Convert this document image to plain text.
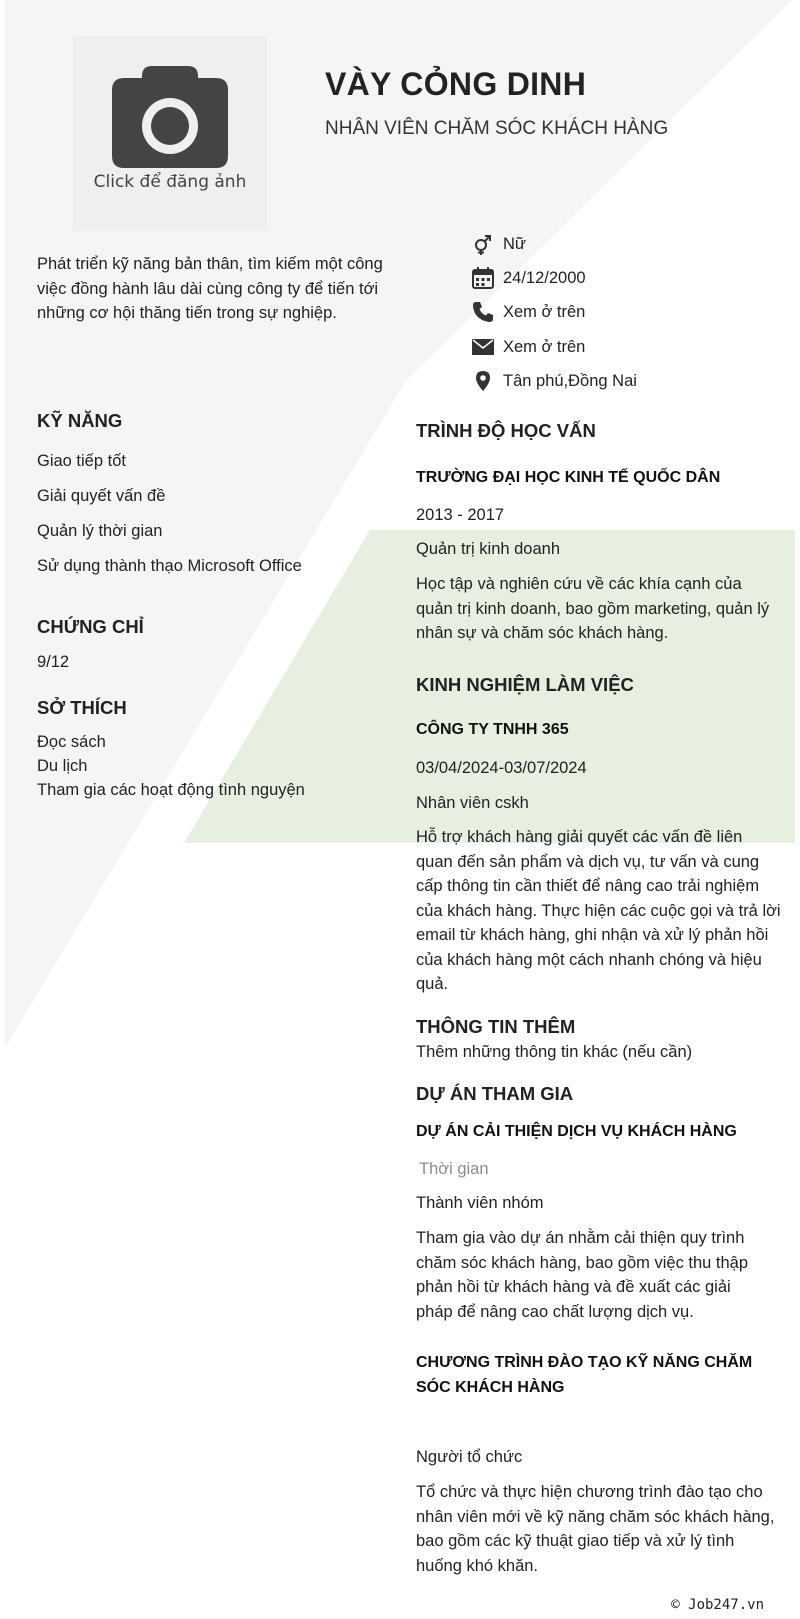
Click để đăng ảnh
VÀY CỎNG DINH
NHÂN VIÊN CHĂM SÓC KHÁCH HÀNG
Phát triển kỹ năng bản thân, tìm kiếm một công việc đồng hành lâu dài cùng công ty để tiến tới những cơ hội thăng tiến trong sự nghiệp.
Nữ
24/12/2000
Xem ở trên
Xem ở trên
Tân phú,Đồng Nai
KỸ NĂNG
Giao tiếp tốt
Giải quyết vấn đề
Quản lý thời gian
Sử dụng thành thạo Microsoft Office
CHỨNG CHỈ
9/12
SỞ THÍCH
Đọc sách
Du lịch
Tham gia các hoạt động tình nguyện
TRÌNH ĐỘ HỌC VẤN
TRƯỜNG ĐẠI HỌC KINH TẾ QUỐC DÂN
2013 - 2017
Quản trị kinh doanh
Học tập và nghiên cứu về các khía cạnh của quản trị kinh doanh, bao gồm marketing, quản lý nhân sự và chăm sóc khách hàng.
KINH NGHIỆM LÀM VIỆC
CÔNG TY TNHH 365
03/04/2024-03/07/2024
Nhân viên cskh
Hỗ trợ khách hàng giải quyết các vấn đề liên quan đến sản phẩm và dịch vụ, tư vấn và cung cấp thông tin cần thiết để nâng cao trải nghiệm của khách hàng. Thực hiện các cuộc gọi và trả lời email từ khách hàng, ghi nhận và xử lý phản hồi của khách hàng một cách nhanh chóng và hiệu quả.
THÔNG TIN THÊM
Thêm những thông tin khác (nếu cần)
DỰ ÁN THAM GIA
DỰ ÁN CẢI THIỆN DỊCH VỤ KHÁCH HÀNG
Thời gian
Thành viên nhóm
Tham gia vào dự án nhằm cải thiện quy trình chăm sóc khách hàng, bao gồm việc thu thập phản hồi từ khách hàng và đề xuất các giải pháp để nâng cao chất lượng dịch vụ.
CHƯƠNG TRÌNH ĐÀO TẠO KỸ NĂNG CHĂM SÓC KHÁCH HÀNG
Người tổ chức
Tổ chức và thực hiện chương trình đào tạo cho nhân viên mới về kỹ năng chăm sóc khách hàng, bao gồm các kỹ thuật giao tiếp và xử lý tình huống khó khăn.
© Job247.vn
